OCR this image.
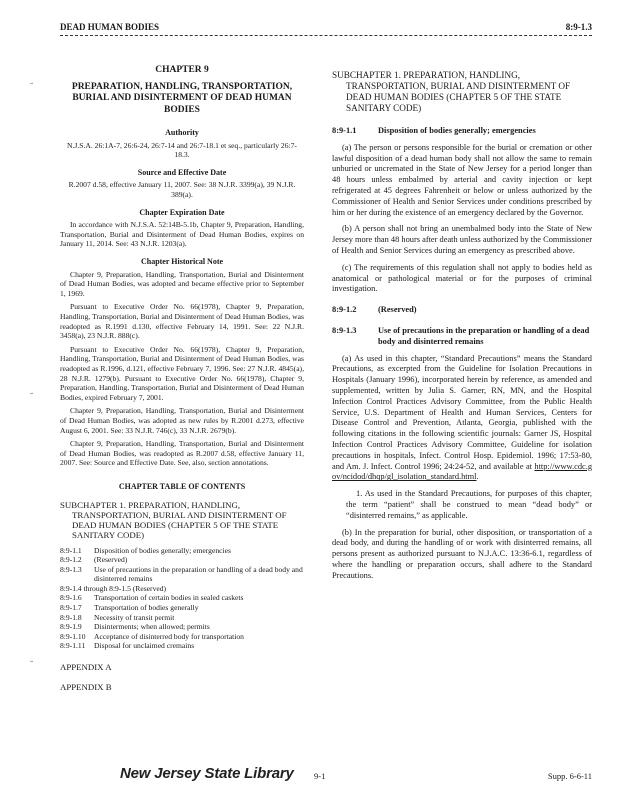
DEAD HUMAN BODIES	8:9-1.3
˘
˘
˘
CHAPTER 9
PREPARATION, HANDLING, TRANSPORTATION, BURIAL AND DISINTERMENT OF DEAD HUMAN BODIES
Authority
N.J.S.A. 26:1A-7, 26:6-24, 26:7-14 and 26:7-18.1 et seq., particularly 26:7-18.3.
Source and Effective Date
R.2007 d.58, effective January 11, 2007. See: 38 N.J.R. 3399(a), 39 N.J.R. 389(a).
Chapter Expiration Date
In accordance with N.J.S.A. 52:14B-5.1b, Chapter 9, Preparation, Handling, Transportation, Burial and Disinterment of Dead Human Bodies, expires on January 11, 2014. See: 43 N.J.R. 1203(a).
Chapter Historical Note
Chapter 9, Preparation, Handling, Transportation, Burial and Disinterment of Dead Human Bodies, was adopted and became effective prior to September 1, 1969.
Pursuant to Executive Order No. 66(1978), Chapter 9, Preparation, Handling, Transportation, Burial and Disinterment of Dead Human Bodies, was readopted as R.1991 d.130, effective February 14, 1991. See: 22 N.J.R. 3458(a), 23 N.J.R. 888(c).
Pursuant to Executive Order No. 66(1978), Chapter 9, Preparation, Handling, Transportation, Burial and Disinterment of Dead Human Bodies, was readopted as R.1996, d.121, effective February 7, 1996. See: 27 N.J.R. 4845(a), 28 N.J.R. 1279(b). Pursuant to Executive Order No. 66(1978), Chapter 9, Preparation, Handling, Transportation, Burial and Disinterment of Dead Human Bodies, expired February 7, 2001.
Chapter 9, Preparation, Handling, Transportation, Burial and Disinterment of Dead Human Bodies, was adopted as new rules by R.2001 d.273, effective August 6, 2001. See: 33 N.J.R. 746(c), 33 N.J.R. 2679(b).
Chapter 9, Preparation, Handling, Transportation, Burial and Disinterment of Dead Human Bodies, was readopted as R.2007 d.58, effective January 11, 2007. See: Source and Effective Date. See, also, section annotations.
CHAPTER TABLE OF CONTENTS
SUBCHAPTER 1. PREPARATION, HANDLING, TRANSPORTATION, BURIAL AND DISINTERMENT OF DEAD HUMAN BODIES (CHAPTER 5 OF THE STATE SANITARY CODE)
8:9-1.1	Disposition of bodies generally; emergencies
8:9-1.2	(Reserved)
8:9-1.3	Use of precautions in the preparation or handling of a dead body and disinterred remains
8:9-1.4 through 8:9-1.5 (Reserved)
8:9-1.6	Transportation of certain bodies in sealed caskets
8:9-1.7	Transportation of bodies generally
8:9-1.8	Necessity of transit permit
8:9-1.9	Disinterments; when allowed; permits
8:9-1.10	Acceptance of disinterred body for transportation
8:9-1.11	Disposal for unclaimed cremains
APPENDIX A
APPENDIX B
SUBCHAPTER 1. PREPARATION, HANDLING, TRANSPORTATION, BURIAL AND DISINTERMENT OF DEAD HUMAN BODIES (CHAPTER 5 OF THE STATE SANITARY CODE)
8:9-1.1	Disposition of bodies generally; emergencies
(a) The person or persons responsible for the burial or cremation or other lawful disposition of a dead human body shall not allow the same to remain unburied or uncremated in the State of New Jersey for a period longer than 48 hours unless embalmed by arterial and cavity injection or kept refrigerated at 45 degrees Fahrenheit or below or unless authorized by the Commissioner of Health and Senior Services under conditions prescribed by him or her during the existence of an emergency declared by the Governor.
(b) A person shall not bring an unembalmed body into the State of New Jersey more than 48 hours after death unless authorized by the Commissioner of Health and Senior Services during an emergency as prescribed above.
(c) The requirements of this regulation shall not apply to bodies held as anatomical or pathological material or for the purposes of criminal investigation.
8:9-1.2	(Reserved)
8:9-1.3	Use of precautions in the preparation or handling of a dead body and disinterred remains
(a) As used in this chapter, “Standard Precautions” means the Standard Precautions, as excerpted from the Guideline for Isolation Precautions in Hospitals (January 1996), incorporated herein by reference, as amended and supplemented, written by Julia S. Garner, RN, MN, and the Hospital Infection Control Practices Advisory Committee, from the Public Health Service, U.S. Department of Health and Human Services, Centers for Disease Control and Prevention, Atlanta, Georgia, published with the following citations in the following scientific journals: Garner JS, Hospital Infection Control Practices Advisory Committee, Guideline for isolation precautions in hospitals, Infect. Control Hosp. Epidemiol. 1996; 17:53-80, and Am. J. Infect. Control 1996; 24:24-52, and available at http://www.cdc.gov/ncidod/dhqp/gl_isolation_standard.html.
1. As used in the Standard Precautions, for purposes of this chapter, the term “patient” shall be construed to mean “dead body” or “disinterred remains,” as applicable.
(b) In the preparation for burial, other disposition, or transportation of a dead body, and during the handling of or work with disinterred remains, all persons present as authorized pursuant to N.J.A.C. 13:36-6.1, regardless of where the handling or preparation occurs, shall adhere to the Standard Precautions.
New Jersey State Library 9-1	Supp. 6-6-11
